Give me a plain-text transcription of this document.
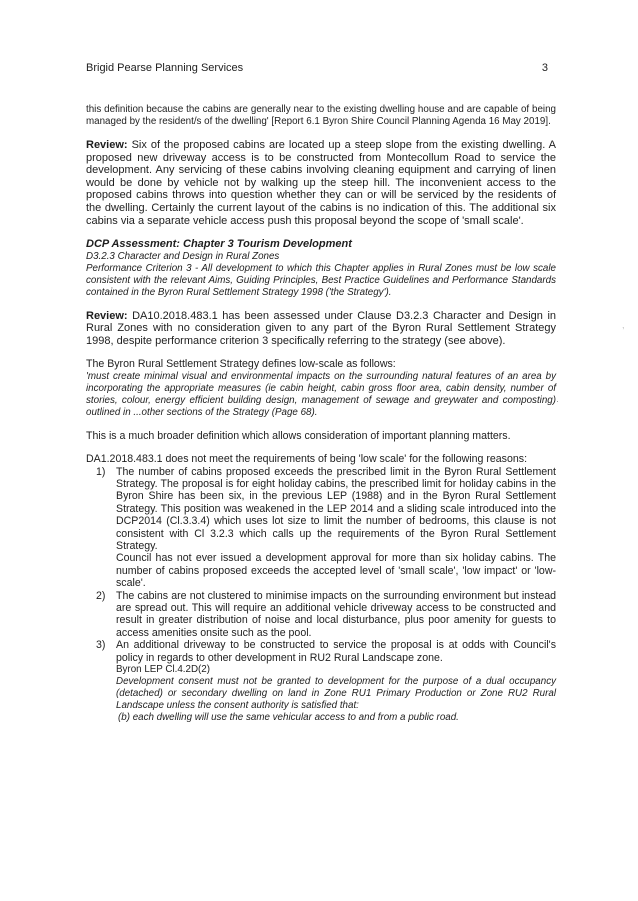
Brigid Pearse Planning Services	3
,
·

this definition because the cabins are generally near to the existing dwelling house and are capable of being managed by the resident/s of the dwelling' [Report 6.1 Byron Shire Council Planning Agenda 16 May 2019].

Review: Six of the proposed cabins are located up a steep slope from the existing dwelling. A proposed new driveway access is to be constructed from Montecollum Road to service the development. Any servicing of these cabins involving cleaning equipment and carrying of linen would be done by vehicle not by walking up the steep hill. The inconvenient access to the proposed cabins throws into question whether they can or will be serviced by the residents of the dwelling. Certainly the current layout of the cabins is no indication of this. The additional six cabins via a separate vehicle access push this proposal beyond the scope of 'small scale'.

DCP Assessment: Chapter 3 Tourism Development

D3.2.3 Character and Design in Rural Zones

Performance Criterion 3 - All development to which this Chapter applies in Rural Zones must be low scale consistent with the relevant Aims, Guiding Principles, Best Practice Guidelines and Performance Standards contained in the Byron Rural Settlement Strategy 1998 ('the Strategy').

Review: DA10.2018.483.1 has been assessed under Clause D3.2.3 Character and Design in Rural Zones with no consideration given to any part of the Byron Rural Settlement Strategy 1998, despite performance criterion 3 specifically referring to the strategy (see above).

The Byron Rural Settlement Strategy defines low-scale as follows:

'must create minimal visual and environmental impacts on the surrounding natural features of an area by incorporating the appropriate measures (ie cabin height, cabin gross floor area, cabin density, number of stories, colour, energy efficient building design, management of sewage and greywater and composting) outlined in ...other sections of the Strategy (Page 68).

This is a much broader definition which allows consideration of important planning matters.

DA1.2018.483.1 does not meet the requirements of being 'low scale' for the following reasons:

1) The number of cabins proposed exceeds the prescribed limit in the Byron Rural Settlement Strategy. The proposal is for eight holiday cabins, the prescribed limit for holiday cabins in the Byron Shire has been six, in the previous LEP (1988) and in the Byron Rural Settlement Strategy. This position was weakened in the LEP 2014 and a sliding scale introduced into the DCP2014 (Cl.3.3.4) which uses lot size to limit the number of bedrooms, this clause is not consistent with Cl 3.2.3 which calls up the requirements of the Byron Rural Settlement Strategy.
Council has not ever issued a development approval for more than six holiday cabins. The number of cabins proposed exceeds the accepted level of 'small scale', 'low impact' or 'low-scale'.
2) The cabins are not clustered to minimise impacts on the surrounding environment but instead are spread out. This will require an additional vehicle driveway access to be constructed and result in greater distribution of noise and local disturbance, plus poor amenity for guests to access amenities onsite such as the pool.
3) An additional driveway to be constructed to service the proposal is at odds with Council's policy in regards to other development in RU2 Rural Landscape zone.
Byron LEP Cl.4.2D(2)
Development consent must not be granted to development for the purpose of a dual occupancy (detached) or secondary dwelling on land in Zone RU1 Primary Production or Zone RU2 Rural Landscape unless the consent authority is satisfied that:
(b) each dwelling will use the same vehicular access to and from a public road.
